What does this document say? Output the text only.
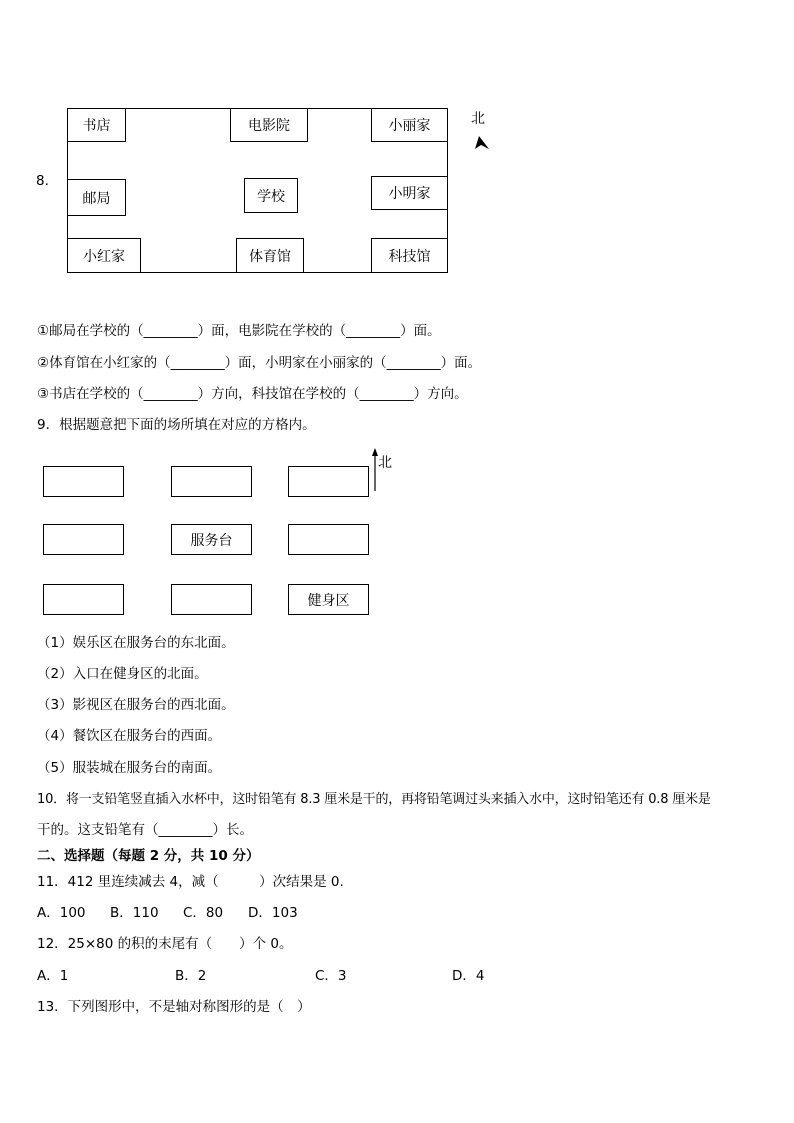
8.
书店	电影院	小丽家
邮局	学校	小明家
小红家	体育馆	科技馆
北
①邮局在学校的（________）面，电影院在学校的（________）面。
②体育馆在小红家的（________）面，小明家在小丽家的（________）面。
③书店在学校的（________）方向，科技馆在学校的（________）方向。
9．根据题意把下面的场所填在对应的方格内。
服务台
健身区
北
（1）娱乐区在服务台的东北面。
（2）入口在健身区的北面。
（3）影视区在服务台的西北面。
（4）餐饮区在服务台的西面。
（5）服装城在服务台的南面。
10．将一支铅笔竖直插入水杯中，这时铅笔有 8.3 厘米是干的，再将铅笔调过头来插入水中，这时铅笔还有 0.8 厘米是
干的。这支铅笔有（________）长。
二、选择题（每题 2 分，共 10 分）
11．412 里连续减去 4，减（　　　）次结果是 0.
A．100 B．110 C．80 D．103
12．25×80 的积的末尾有（　　）个 0。
A．1	B．2	C．3	D．4
13．下列图形中，不是轴对称图形的是（　）
